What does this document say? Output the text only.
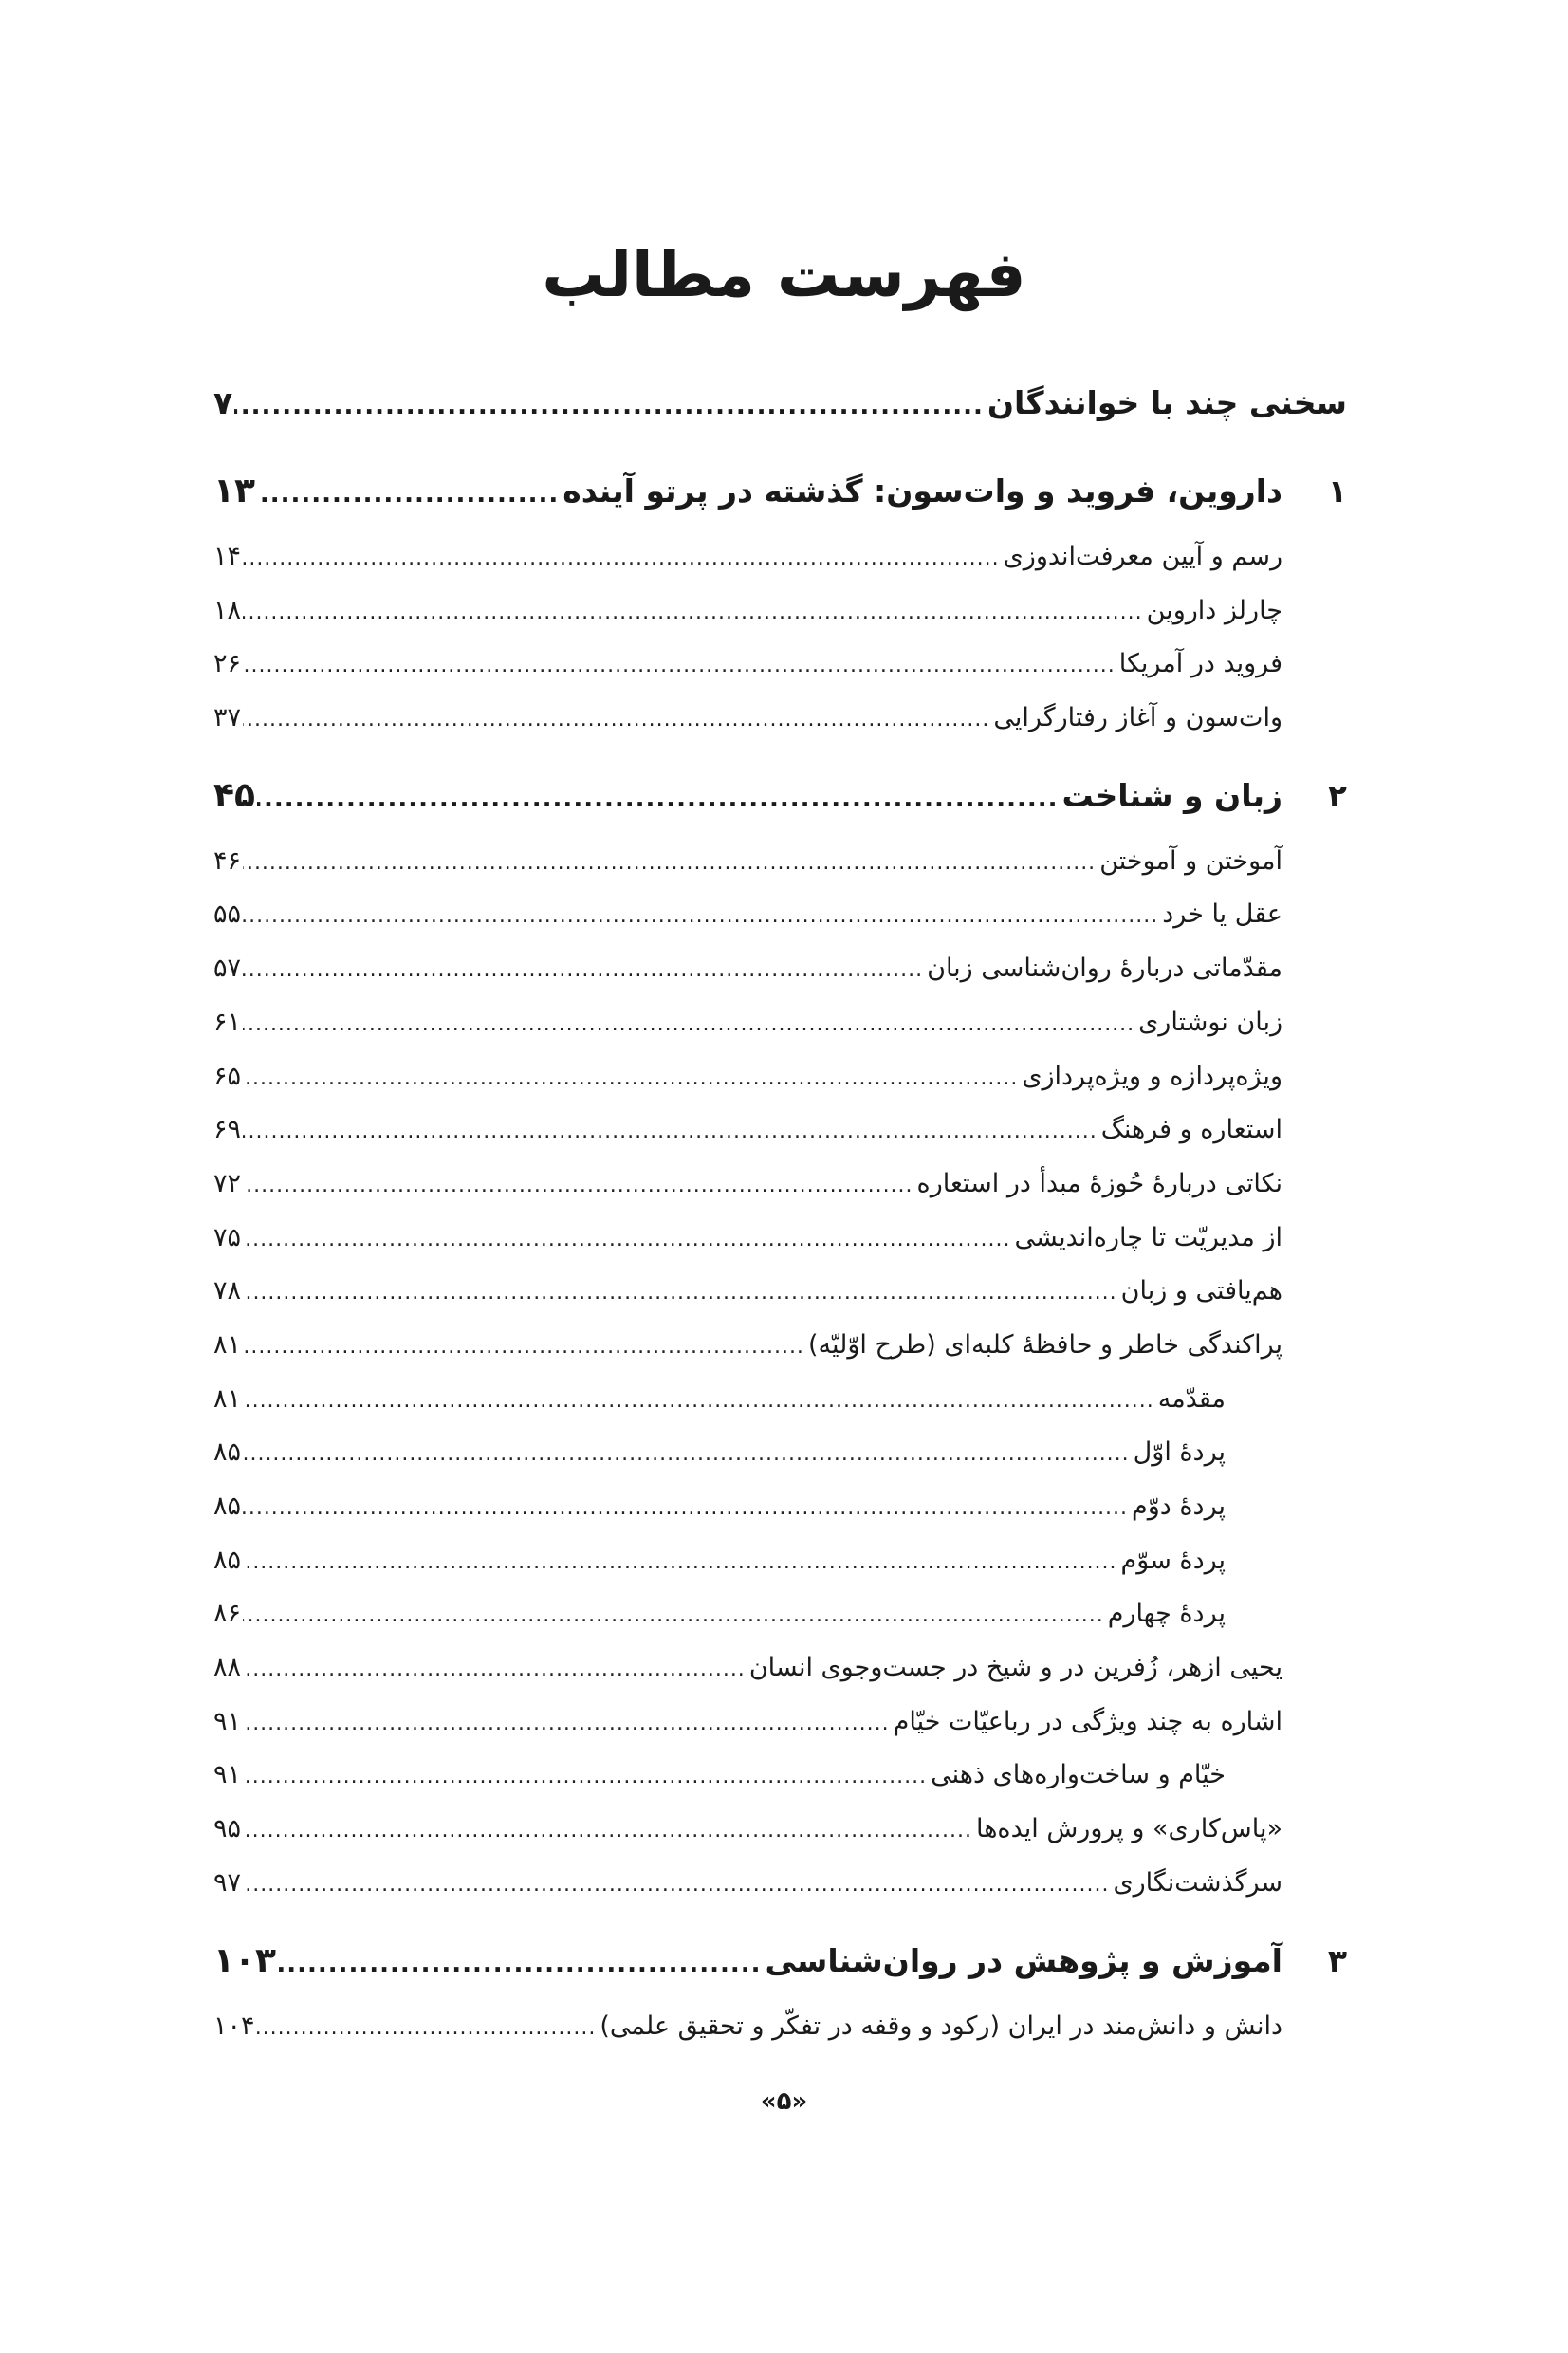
فهرست مطالب
سخنی چند با خوانندگان
.....
۷
۱
داروین، فروید و وات‌سون: گذشته در پرتو آینده
.....
۱۳
رسم و آیین معرفت‌اندوزی
.....
۱۴
چارلز داروین
.....
۱۸
فروید در آمریکا
.....
۲۶
وات‌سون و آغاز رفتارگرایی
.....
۳۷
۲
زبان و شناخت
.....
۴۵
آموختن و آموختن
.....
۴۶
عقل یا خرد
.....
۵۵
مقدّماتی دربارهٔ روان‌شناسی زبان
.....
۵۷
زبان نوشتاری
.....
۶۱
ویژه‌پردازه و ویژه‌پردازی
.....
۶۵
استعاره و فرهنگ
.....
۶۹
نکاتی دربارهٔ حُوزهٔ مبدأ در استعاره
.....
۷۲
از مدیریّت تا چاره‌اندیشی
.....
۷۵
هم‌یافتی و زبان
.....
۷۸
پراکندگی خاطر و حافظهٔ کلبه‌ای (طرح اوّلیّه)
.....
۸۱
مقدّمه
.....
۸۱
پردهٔ اوّل
.....
۸۵
پردهٔ دوّم
.....
۸۵
پردهٔ سوّم
.....
۸۵
پردهٔ چهارم
.....
۸۶
یحیی ازهر، زُفرین در و شیخ در جست‌وجوی انسان
.....
۸۸
اشاره به چند ویژگی در رباعیّات خیّام
.....
۹۱
خیّام و ساخت‌واره‌های ذهنی
.....
۹۱
«پاس‌کاری» و پرورش ایده‌ها
.....
۹۵
سرگذشت‌نگاری
.....
۹۷
۳
آموزش و پژوهش در روان‌شناسی
.....
۱۰۳
دانش و دانش‌مند در ایران (رکود و وقفه در تفکّر و تحقیق علمی)
.....
۱۰۴
«۵»
